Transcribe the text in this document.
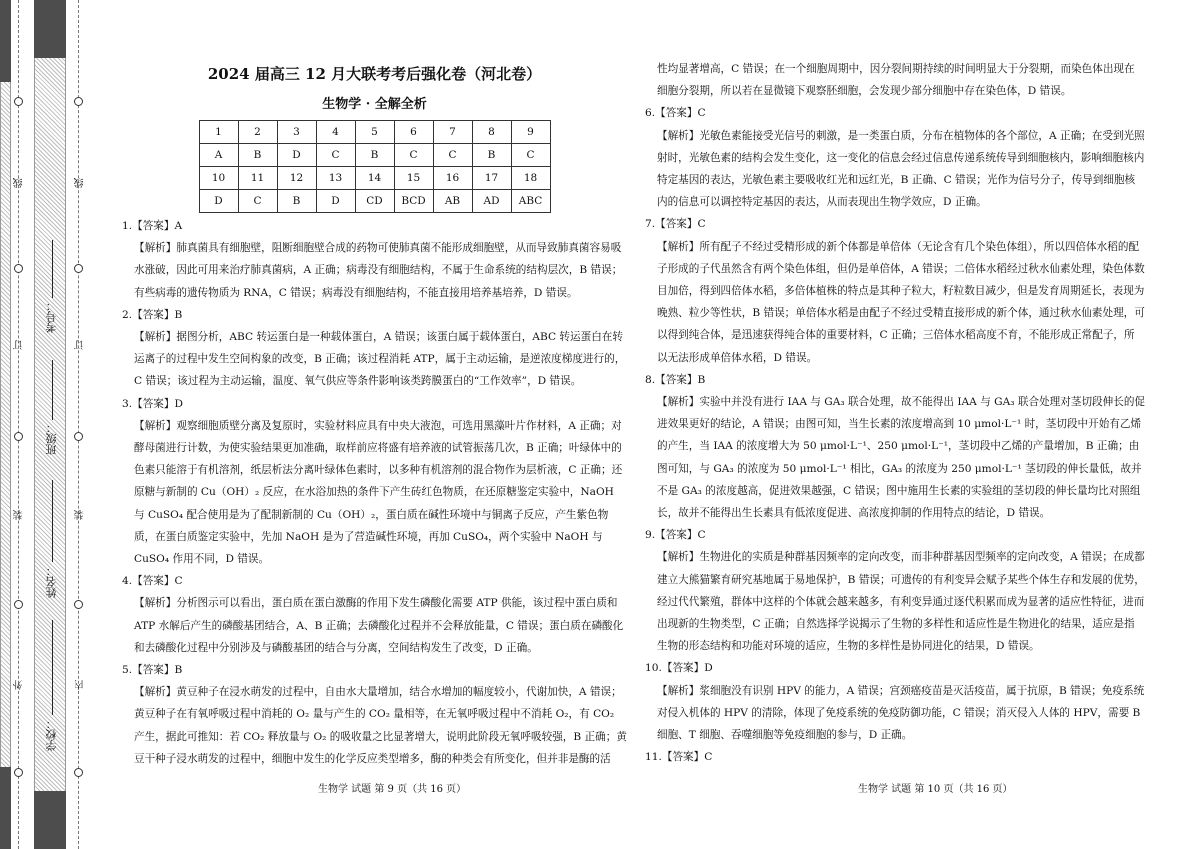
线
订
装
外
线
订
装
内
考号：
班级：
姓名：
学校：
2024 届高三 12 月大联考考后强化卷（河北卷）
生物学 · 全解全析
1	2	3	4	5	6	7	8	9
A	B	D	C	B	C	C	B	C
10	11	12	13	14	15	16	17	18
D	C	B	D	CD	BCD	AB	AD	ABC

1.【答案】A

【解析】肺真菌具有细胞壁，阻断细胞壁合成的药物可使肺真菌不能形成细胞壁，从而导致肺真菌容易吸水涨破，因此可用来治疗肺真菌病，A 正确；病毒没有细胞结构，不属于生命系统的结构层次，B 错误；有些病毒的遗传物质为 RNA，C 错误；病毒没有细胞结构，不能直接用培养基培养，D 错误。

2.【答案】B

【解析】据图分析，ABC 转运蛋白是一种载体蛋白，A 错误；该蛋白属于载体蛋白，ABC 转运蛋白在转运离子的过程中发生空间构象的改变，B 正确；该过程消耗 ATP，属于主动运输，是逆浓度梯度进行的，C 错误；该过程为主动运输，温度、氧气供应等条件影响该类跨膜蛋白的“工作效率”，D 错误。

3.【答案】D

【解析】观察细胞质壁分离及复原时，实验材料应具有中央大液泡，可选用黑藻叶片作材料，A 正确；对酵母菌进行计数，为使实验结果更加准确，取样前应将盛有培养液的试管振荡几次，B 正确；叶绿体中的色素只能溶于有机溶剂，纸层析法分离叶绿体色素时，以多种有机溶剂的混合物作为层析液，C 正确；还原糖与新制的 Cu（OH）₂ 反应，在水浴加热的条件下产生砖红色物质，在还原糖鉴定实验中，NaOH 与 CuSO₄ 配合使用是为了配制新制的 Cu（OH）₂，蛋白质在碱性环境中与铜离子反应，产生紫色物质，在蛋白质鉴定实验中，先加 NaOH 是为了营造碱性环境，再加 CuSO₄，两个实验中 NaOH 与 CuSO₄ 作用不同，D 错误。

4.【答案】C

【解析】分析图示可以看出，蛋白质在蛋白激酶的作用下发生磷酸化需要 ATP 供能，该过程中蛋白质和 ATP 水解后产生的磷酸基团结合，A、B 正确；去磷酸化过程并不会释放能量，C 错误；蛋白质在磷酸化和去磷酸化过程中分别涉及与磷酸基团的结合与分离，空间结构发生了改变，D 正确。

5.【答案】B

【解析】黄豆种子在浸水萌发的过程中，自由水大量增加，结合水增加的幅度较小，代谢加快，A 错误；黄豆种子在有氧呼吸过程中消耗的 O₂ 量与产生的 CO₂ 量相等，在无氧呼吸过程中不消耗 O₂，有 CO₂ 产生，据此可推知：若 CO₂ 释放量与 O₂ 的吸收量之比显著增大，说明此阶段无氧呼吸较强，B 正确；黄豆干种子浸水萌发的过程中，细胞中发生的化学反应类型增多，酶的种类会有所变化，但并非是酶的活

性均显著增高，C 错误；在一个细胞周期中，因分裂间期持续的时间明显大于分裂期，而染色体出现在细胞分裂期，所以若在显微镜下观察胚细胞，会发现少部分细胞中存在染色体，D 错误。

6.【答案】C

【解析】光敏色素能接受光信号的刺激，是一类蛋白质，分布在植物体的各个部位，A 正确；在受到光照射时，光敏色素的结构会发生变化，这一变化的信息会经过信息传递系统传导到细胞核内，影响细胞核内特定基因的表达，光敏色素主要吸收红光和远红光，B 正确、C 错误；光作为信号分子，传导到细胞核内的信息可以调控特定基因的表达，从而表现出生物学效应，D 正确。

7.【答案】C

【解析】所有配子不经过受精形成的新个体都是单倍体（无论含有几个染色体组），所以四倍体水稻的配子形成的子代虽然含有两个染色体组，但仍是单倍体，A 错误；二倍体水稻经过秋水仙素处理，染色体数目加倍，得到四倍体水稻，多倍体植株的特点是其种子粒大，籽粒数目减少，但是发育周期延长，表现为晚熟、粒少等性状，B 错误；单倍体水稻是由配子不经过受精直接形成的新个体，通过秋水仙素处理，可以得到纯合体，是迅速获得纯合体的重要材料，C 正确；三倍体水稻高度不育，不能形成正常配子，所以无法形成单倍体水稻，D 错误。

8.【答案】B

【解析】实验中并没有进行 IAA 与 GA₃ 联合处理，故不能得出 IAA 与 GA₃ 联合处理对茎切段伸长的促进效果更好的结论，A 错误；由图可知，当生长素的浓度增高到 10 μmol·L⁻¹ 时，茎切段中开始有乙烯的产生，当 IAA 的浓度增大为 50 μmol·L⁻¹、250 μmol·L⁻¹，茎切段中乙烯的产量增加，B 正确；由图可知，与 GA₃ 的浓度为 50 μmol·L⁻¹ 相比，GA₃ 的浓度为 250 μmol·L⁻¹ 茎切段的伸长量低，故并不是 GA₃ 的浓度越高，促进效果越强，C 错误；图中施用生长素的实验组的茎切段的伸长量均比对照组长，故并不能得出生长素具有低浓度促进、高浓度抑制的作用特点的结论，D 错误。

9.【答案】C

【解析】生物进化的实质是种群基因频率的定向改变，而非种群基因型频率的定向改变，A 错误；在成都建立大熊猫繁育研究基地属于易地保护，B 错误；可遗传的有利变异会赋予某些个体生存和发展的优势，经过代代繁殖，群体中这样的个体就会越来越多，有利变异通过逐代积累而成为显著的适应性特征，进而出现新的生物类型，C 正确；自然选择学说揭示了生物的多样性和适应性是生物进化的结果，适应是指生物的形态结构和功能对环境的适应，生物的多样性是协同进化的结果，D 错误。

10.【答案】D

【解析】浆细胞没有识别 HPV 的能力，A 错误；宫颈癌疫苗是灭活疫苗，属于抗原，B 错误；免疫系统对侵入机体的 HPV 的清除，体现了免疫系统的免疫防御功能，C 错误；消灭侵入人体的 HPV，需要 B 细胞、T 细胞、吞噬细胞等免疫细胞的参与，D 正确。

11.【答案】C

生物学 试题 第 9 页（共 16 页）	生物学 试题 第 10 页（共 16 页）
